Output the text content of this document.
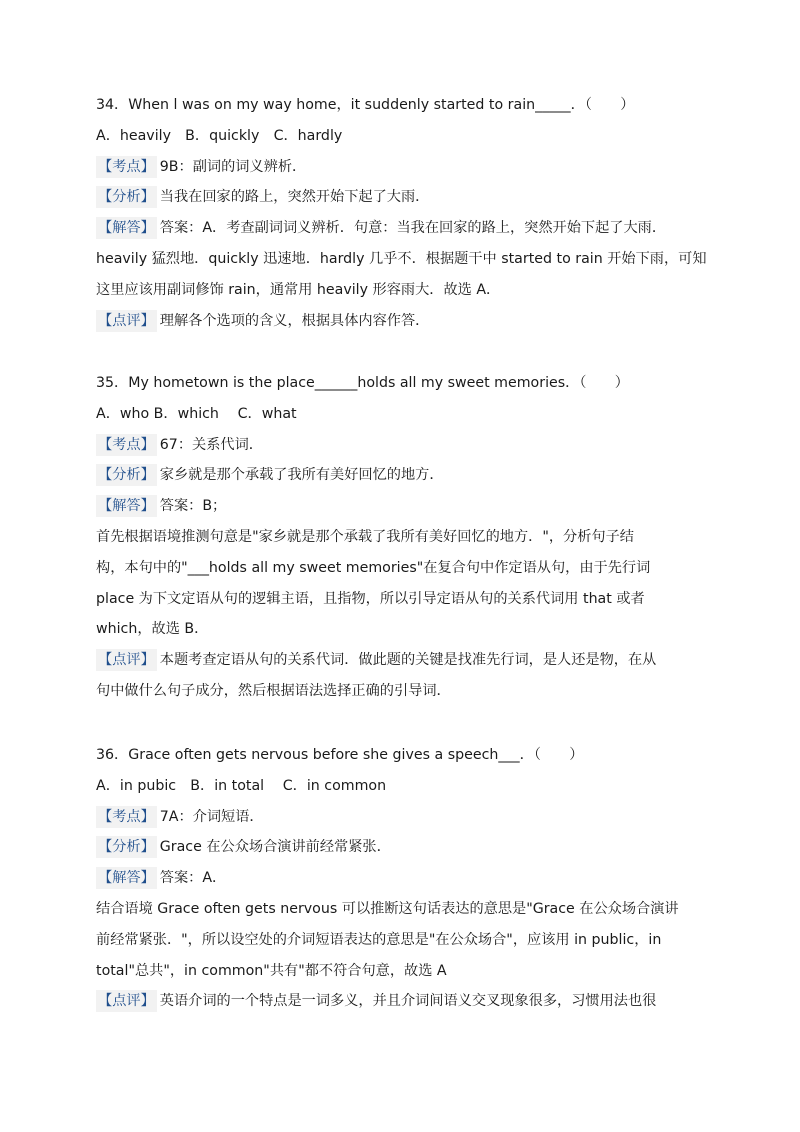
34．When l was on my way home，it suddenly started to rain_____．（　　）
A．heavily　B．quickly　C．hardly
【考点】 9B：副词的词义辨析．
【分析】 当我在回家的路上，突然开始下起了大雨．
【解答】 答案：A．考查副词词义辨析．句意：当我在回家的路上，突然开始下起了大雨．
heavily 猛烈地．quickly 迅速地．hardly 几乎不．根据题干中 started to rain 开始下雨，可知
这里应该用副词修饰 rain，通常用 heavily 形容雨大．故选 A．
【点评】 理解各个选项的含义，根据具体内容作答．
35．My hometown is the place______holds all my sweet memories．（　　）
A．who B．which　 C．what
【考点】 67：关系代词．
【分析】 家乡就是那个承载了我所有美好回忆的地方．
【解答】 答案：B；
首先根据语境推测句意是"家乡就是那个承载了我所有美好回忆的地方．"，分析句子结
构，本句中的"___holds all my sweet memories"在复合句中作定语从句，由于先行词
place 为下文定语从句的逻辑主语，且指物，所以引导定语从句的关系代词用 that 或者
which，故选 B．
【点评】 本题考查定语从句的关系代词．做此题的关键是找准先行词，是人还是物，在从
句中做什么句子成分，然后根据语法选择正确的引导词．
36．Grace often gets nervous before she gives a speech___．（　　）
A．in pubic　B．in total　 C．in common
【考点】 7A：介词短语．
【分析】 Grace 在公众场合演讲前经常紧张．
【解答】 答案：A．
结合语境 Grace often gets nervous 可以推断这句话表达的意思是"Grace 在公众场合演讲
前经常紧张．"，所以设空处的介词短语表达的意思是"在公众场合"，应该用 in public，in
total"总共"，in common"共有"都不符合句意，故选 A
【点评】 英语介词的一个特点是一词多义，并且介词间语义交叉现象很多，习惯用法也很
